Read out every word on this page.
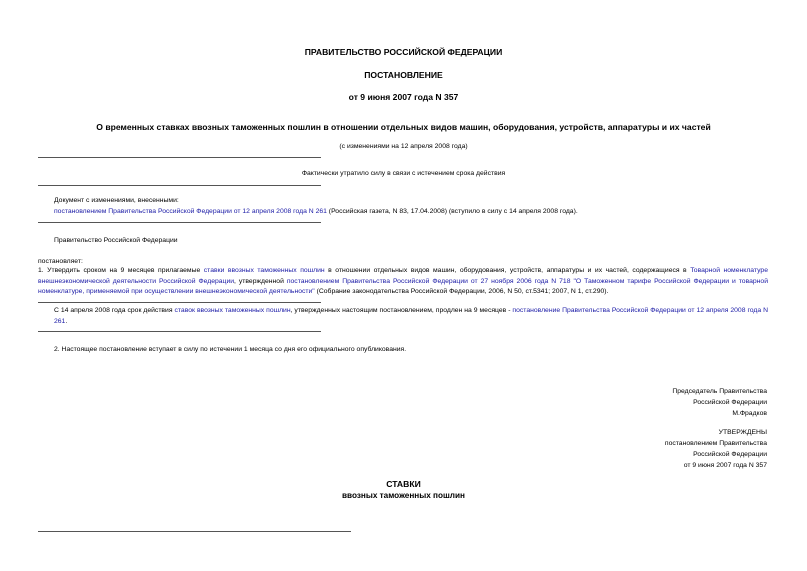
ПРАВИТЕЛЬСТВО РОССИЙСКОЙ ФЕДЕРАЦИИ
ПОСТАНОВЛЕНИЕ
от 9 июня 2007 года N 357
О временных ставках ввозных таможенных пошлин в отношении отдельных видов машин, оборудования, устройств, аппаратуры и их частей
(с изменениями на 12 апреля 2008 года)
Фактически утратило силу в связи с истечением срока действия
Документ с изменениями, внесенными:
постановлением Правительства Российской Федерации от 12 апреля 2008 года N 261 (Российская газета, N 83, 17.04.2008) (вступило в силу с 14 апреля 2008 года).
Правительство Российской Федерации
постановляет:
1. Утвердить сроком на 9 месяцев прилагаемые ставки ввозных таможенных пошлин в отношении отдельных видов машин, оборудования, устройств, аппаратуры и их частей, содержащиеся в Товарной номенклатуре внешнеэкономической деятельности Российской Федерации, утвержденной постановлением Правительства Российской Федерации от 27 ноября 2006 года N 718 "О Таможенном тарифе Российской Федерации и товарной номенклатуре, применяемой при осуществлении внешнеэкономической деятельности" (Собрание законодательства Российской Федерации, 2006, N 50, ст.5341; 2007, N 1, ст.290).
С 14 апреля 2008 года срок действия ставок ввозных таможенных пошлин, утвержденных настоящим постановлением, продлен на 9 месяцев - постановление Правительства Российской Федерации от 12 апреля 2008 года N 261.
2. Настоящее постановление вступает в силу по истечении 1 месяца со дня его официального опубликования.
Председатель Правительства
Российской Федерации
М.Фрадков
УТВЕРЖДЕНЫ
постановлением Правительства
Российской Федерации
от 9 июня 2007 года N 357
СТАВКИ
ввозных таможенных пошлин
